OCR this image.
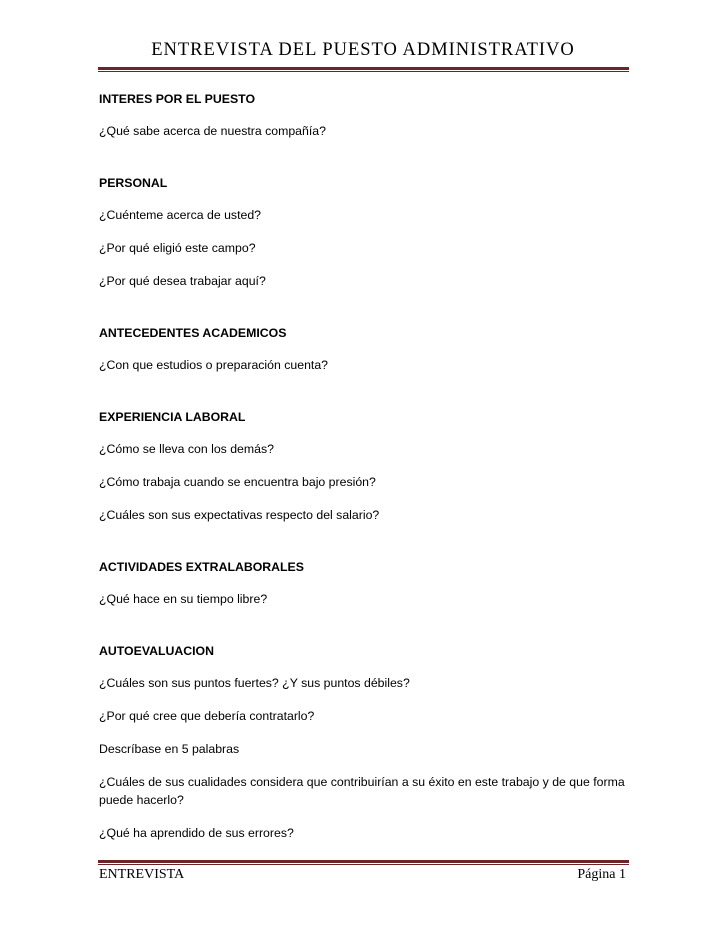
ENTREVISTA DEL PUESTO ADMINISTRATIVO

INTERES POR EL PUESTO

¿Qué sabe acerca de nuestra compañía?

PERSONAL

¿Cuénteme acerca de usted?

¿Por qué eligió este campo?

¿Por qué desea trabajar aquí?

ANTECEDENTES ACADEMICOS

¿Con que estudios o preparación cuenta?

EXPERIENCIA LABORAL

¿Cómo se lleva con los demás?

¿Cómo trabaja cuando se encuentra bajo presión?

¿Cuáles son sus expectativas respecto del salario?

ACTIVIDADES EXTRALABORALES

¿Qué hace en su tiempo libre?

AUTOEVALUACION

¿Cuáles son sus puntos fuertes? ¿Y sus puntos débiles?

¿Por qué cree que debería contratarlo?

Descríbase en 5 palabras

¿Cuáles de sus cualidades considera que contribuirían a su éxito en este trabajo y de que forma puede hacerlo?

¿Qué ha aprendido de sus errores?

ENTREVISTA	Página 1
